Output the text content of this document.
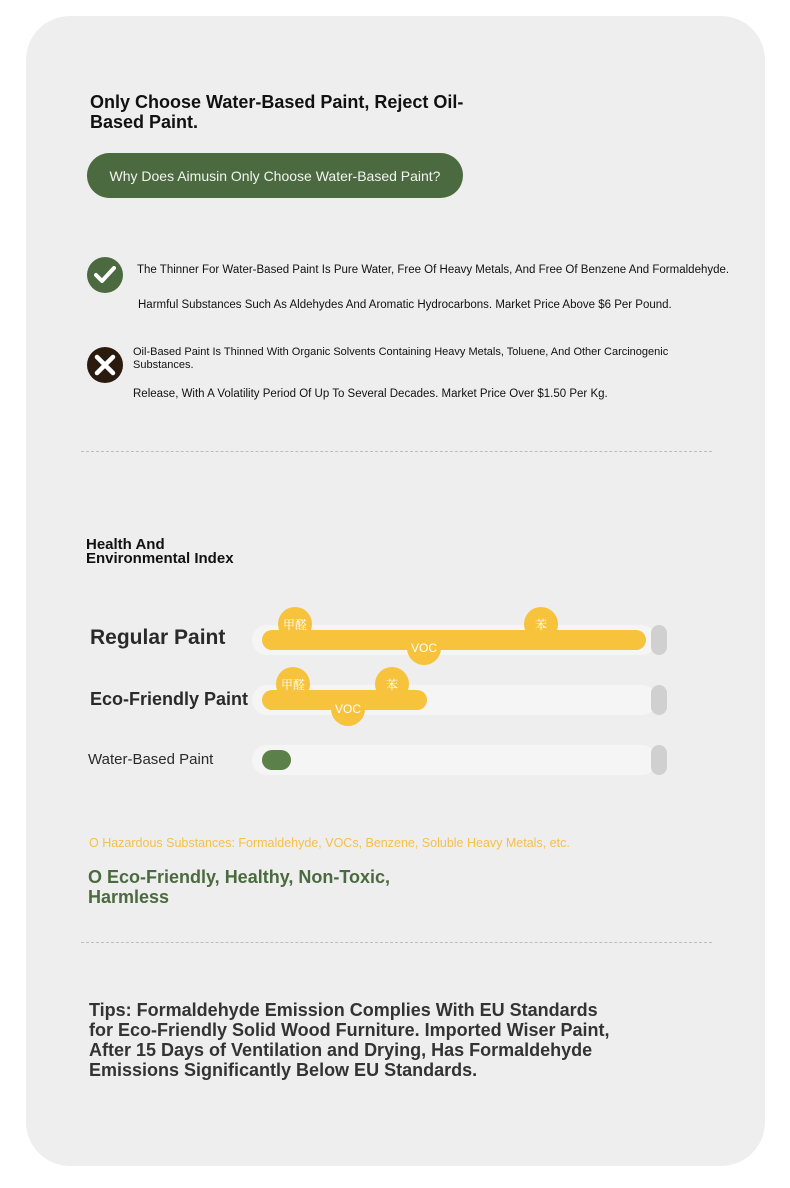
Only Choose Water-Based Paint, Reject Oil-Based Paint.
Why Does Aimusin Only Choose Water-Based Paint?
The Thinner For Water-Based Paint Is Pure Water, Free Of Heavy Metals, And Free Of Benzene And Formaldehyde.
Harmful Substances Such As Aldehydes And Aromatic Hydrocarbons. Market Price Above $6 Per Pound.
Oil-Based Paint Is Thinned With Organic Solvents Containing Heavy Metals, Toluene, And Other Carcinogenic Substances.
Release, With A Volatility Period Of Up To Several Decades. Market Price Over $1.50 Per Kg.
Health And Environmental Index
Regular Paint
甲醛
VOC
苯
Eco-Friendly Paint
甲醛
VOC
苯
Water-Based Paint
O Hazardous Substances: Formaldehyde, VOCs, Benzene, Soluble Heavy Metals, etc.
O Eco-Friendly, Healthy, Non-Toxic, Harmless
Tips: Formaldehyde Emission Complies With EU Standards for Eco-Friendly Solid Wood Furniture. Imported Wiser Paint, After 15 Days of Ventilation and Drying, Has Formaldehyde Emissions Significantly Below EU Standards.
